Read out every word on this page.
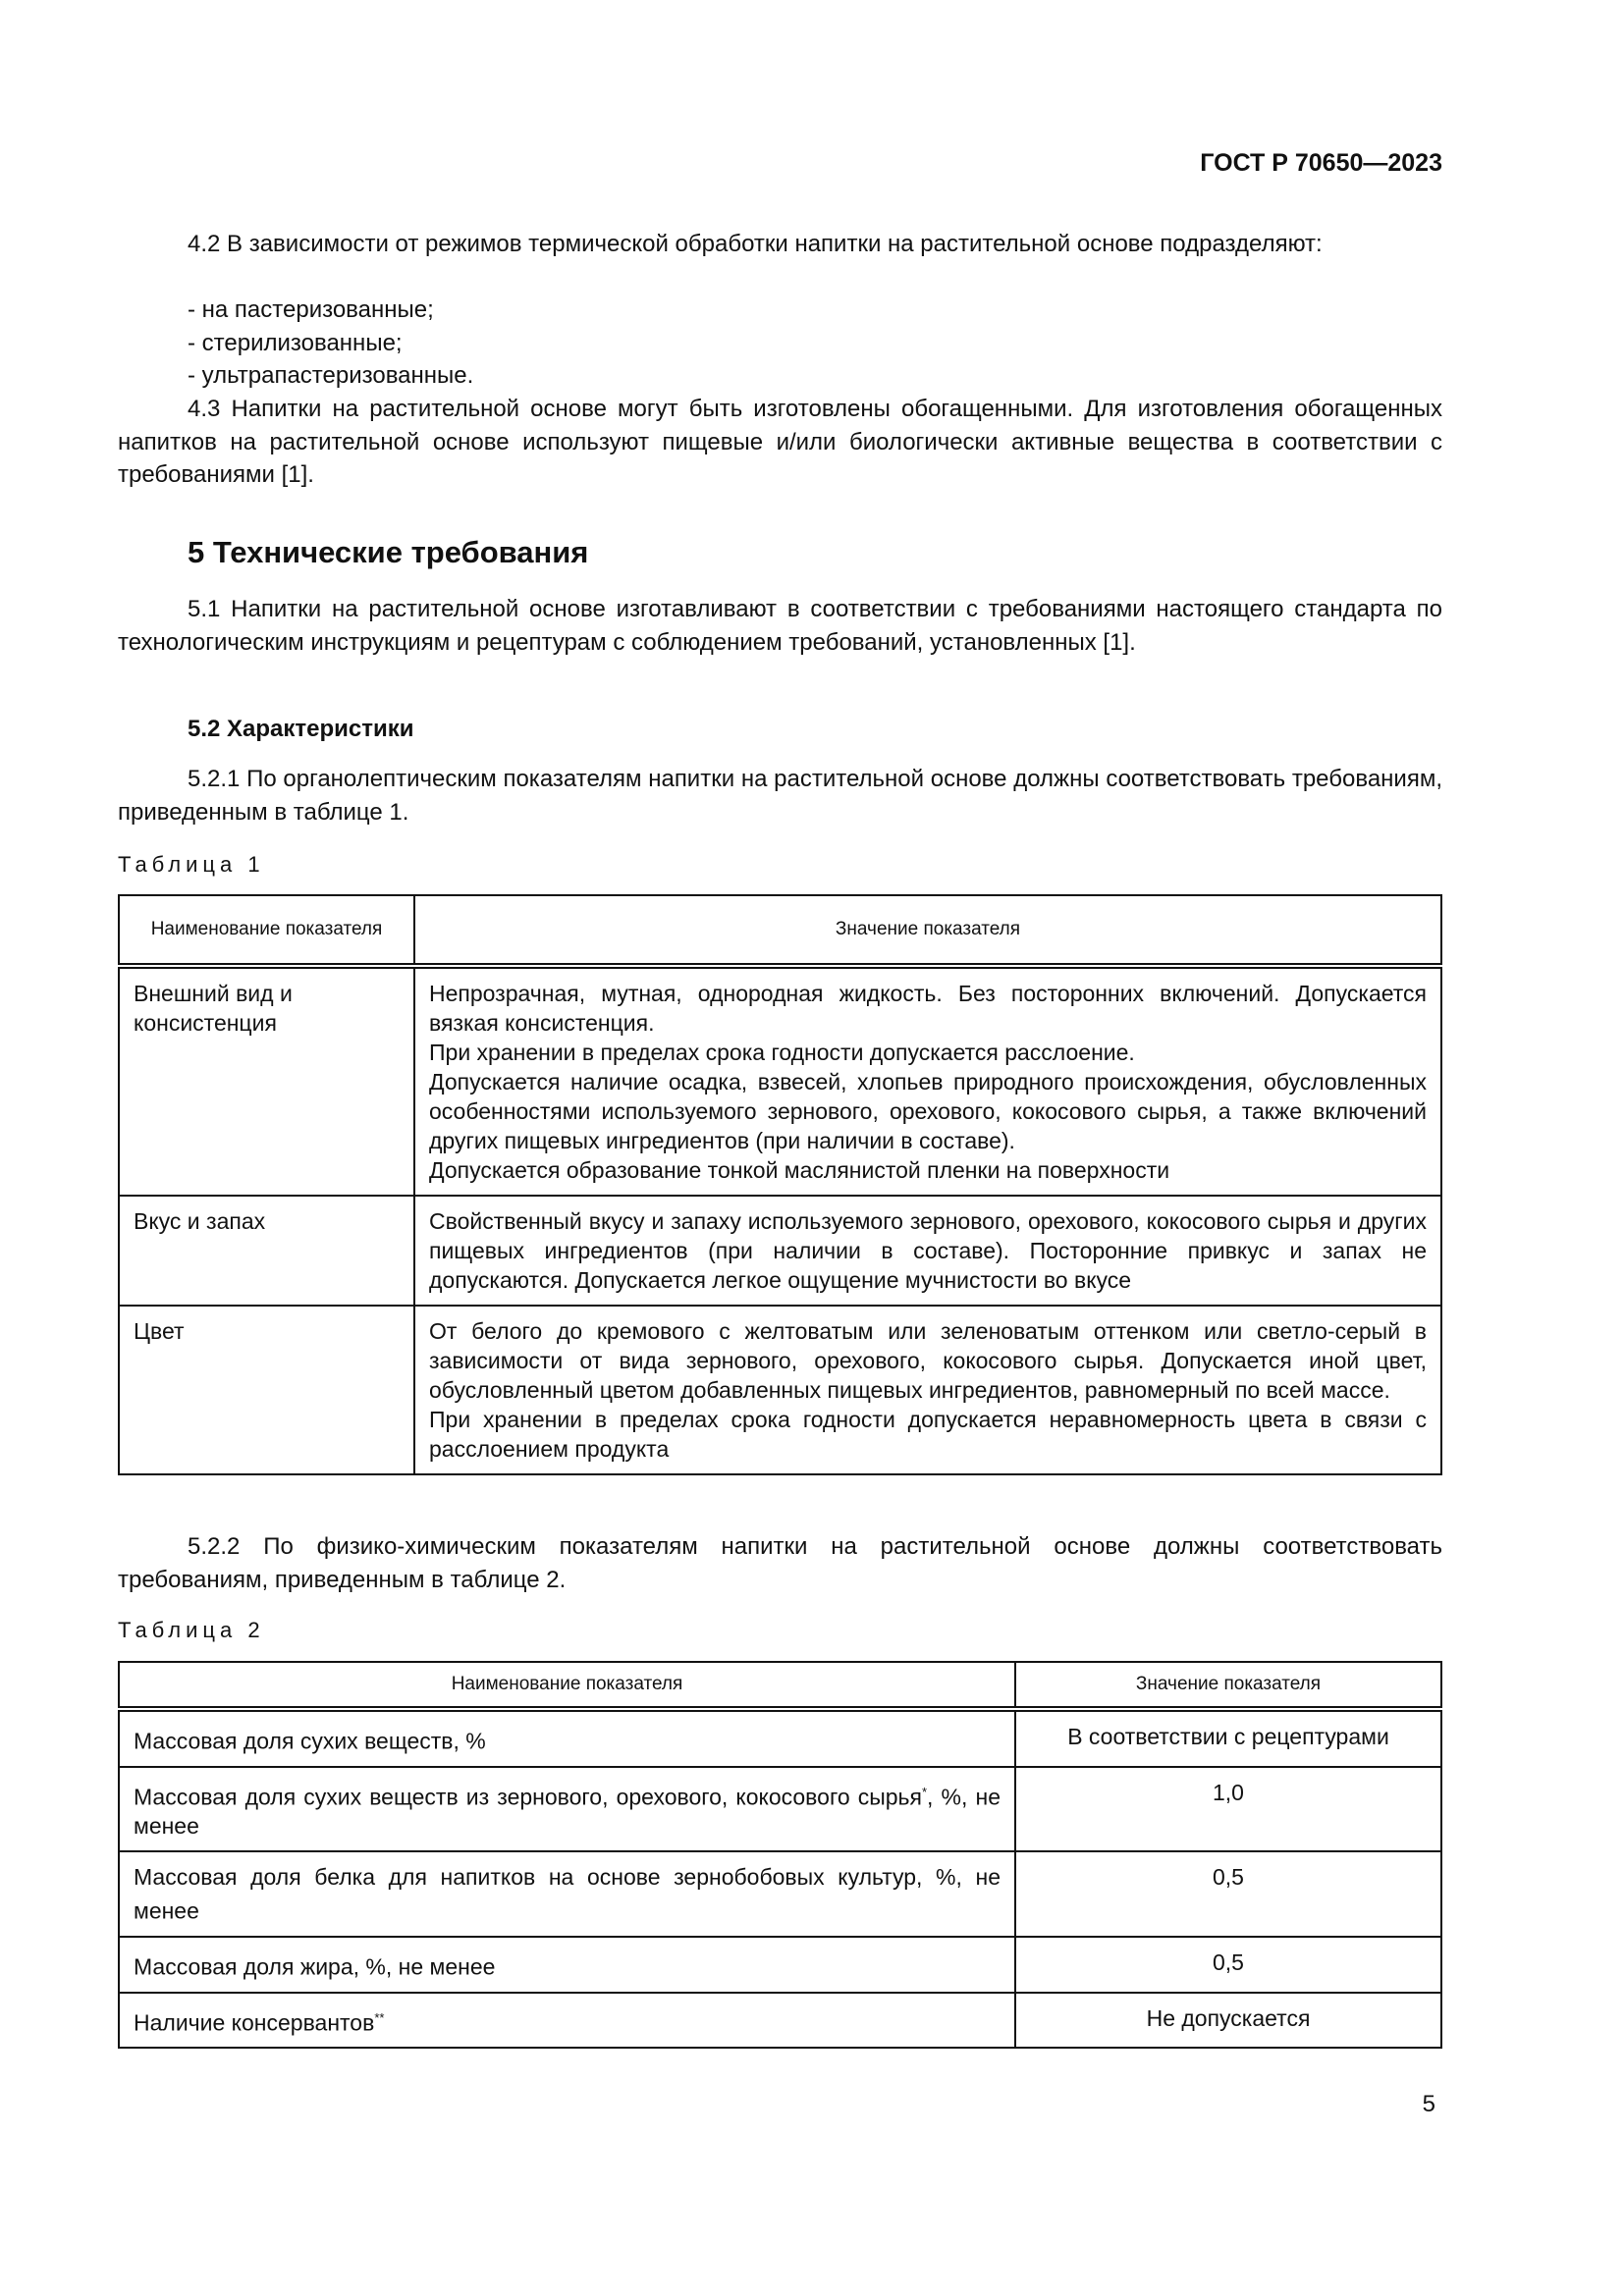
ГОСТ Р 70650—2023
4.2 В зависимости от режимов термической обработки напитки на растительной основе подразделяют:
- на пастеризованные;
- стерилизованные;
- ультрапастеризованные.
4.3 Напитки на растительной основе могут быть изготовлены обогащенными. Для изготовления обогащенных напитков на растительной основе используют пищевые и/или биологически активные вещества в соответствии с требованиями [1].
5 Технические требования
5.1 Напитки на растительной основе изготавливают в соответствии с требованиями настоящего стандарта по технологическим инструкциям и рецептурам с соблюдением требований, установленных [1].
5.2 Характеристики
5.2.1 По органолептическим показателям напитки на растительной основе должны соответствовать требованиям, приведенным в таблице 1.
Таблица 1
Наименование показателя	Значение показателя
Внешний вид и консистенция	Непрозрачная, мутная, однородная жидкость. Без посторонних включений. Допускается вязкая консистенция.
При хранении в пределах срока годности допускается расслоение.
Допускается наличие осадка, взвесей, хлопьев природного происхождения, обусловленных особенностями используемого зернового, орехового, кокосового сырья, а также включений других пищевых ингредиентов (при наличии в составе).
Допускается образование тонкой маслянистой пленки на поверхности

Вкус и запах	Свойственный вкусу и запаху используемого зернового, орехового, кокосового сырья и других пищевых ингредиентов (при наличии в составе). Посторонние привкус и запах не допускаются. Допускается легкое ощущение мучнистости во вкусе

Цвет	От белого до кремового с желтоватым или зеленоватым оттенком или светло-серый в зависимости от вида зернового, орехового, кокосового сырья. Допускается иной цвет, обусловленный цветом добавленных пищевых ингредиентов, равномерный по всей массе.
При хранении в пределах срока годности допускается неравномерность цвета в связи с расслоением продукта
5.2.2 По физико-химическим показателям напитки на растительной основе должны соответствовать требованиям, приведенным в таблице 2.
Таблица 2
Наименование показателя	Значение показателя
Массовая доля сухих веществ, %	В соответствии с рецептурами
Массовая доля сухих веществ из зернового, орехового, кокосового сырья*, %, не менее	1,0
Массовая доля белка для напитков на основе зернобобовых культур, %, не менее	0,5
Массовая доля жира, %, не менее	0,5
Наличие консервантов**	Не допускается
5
